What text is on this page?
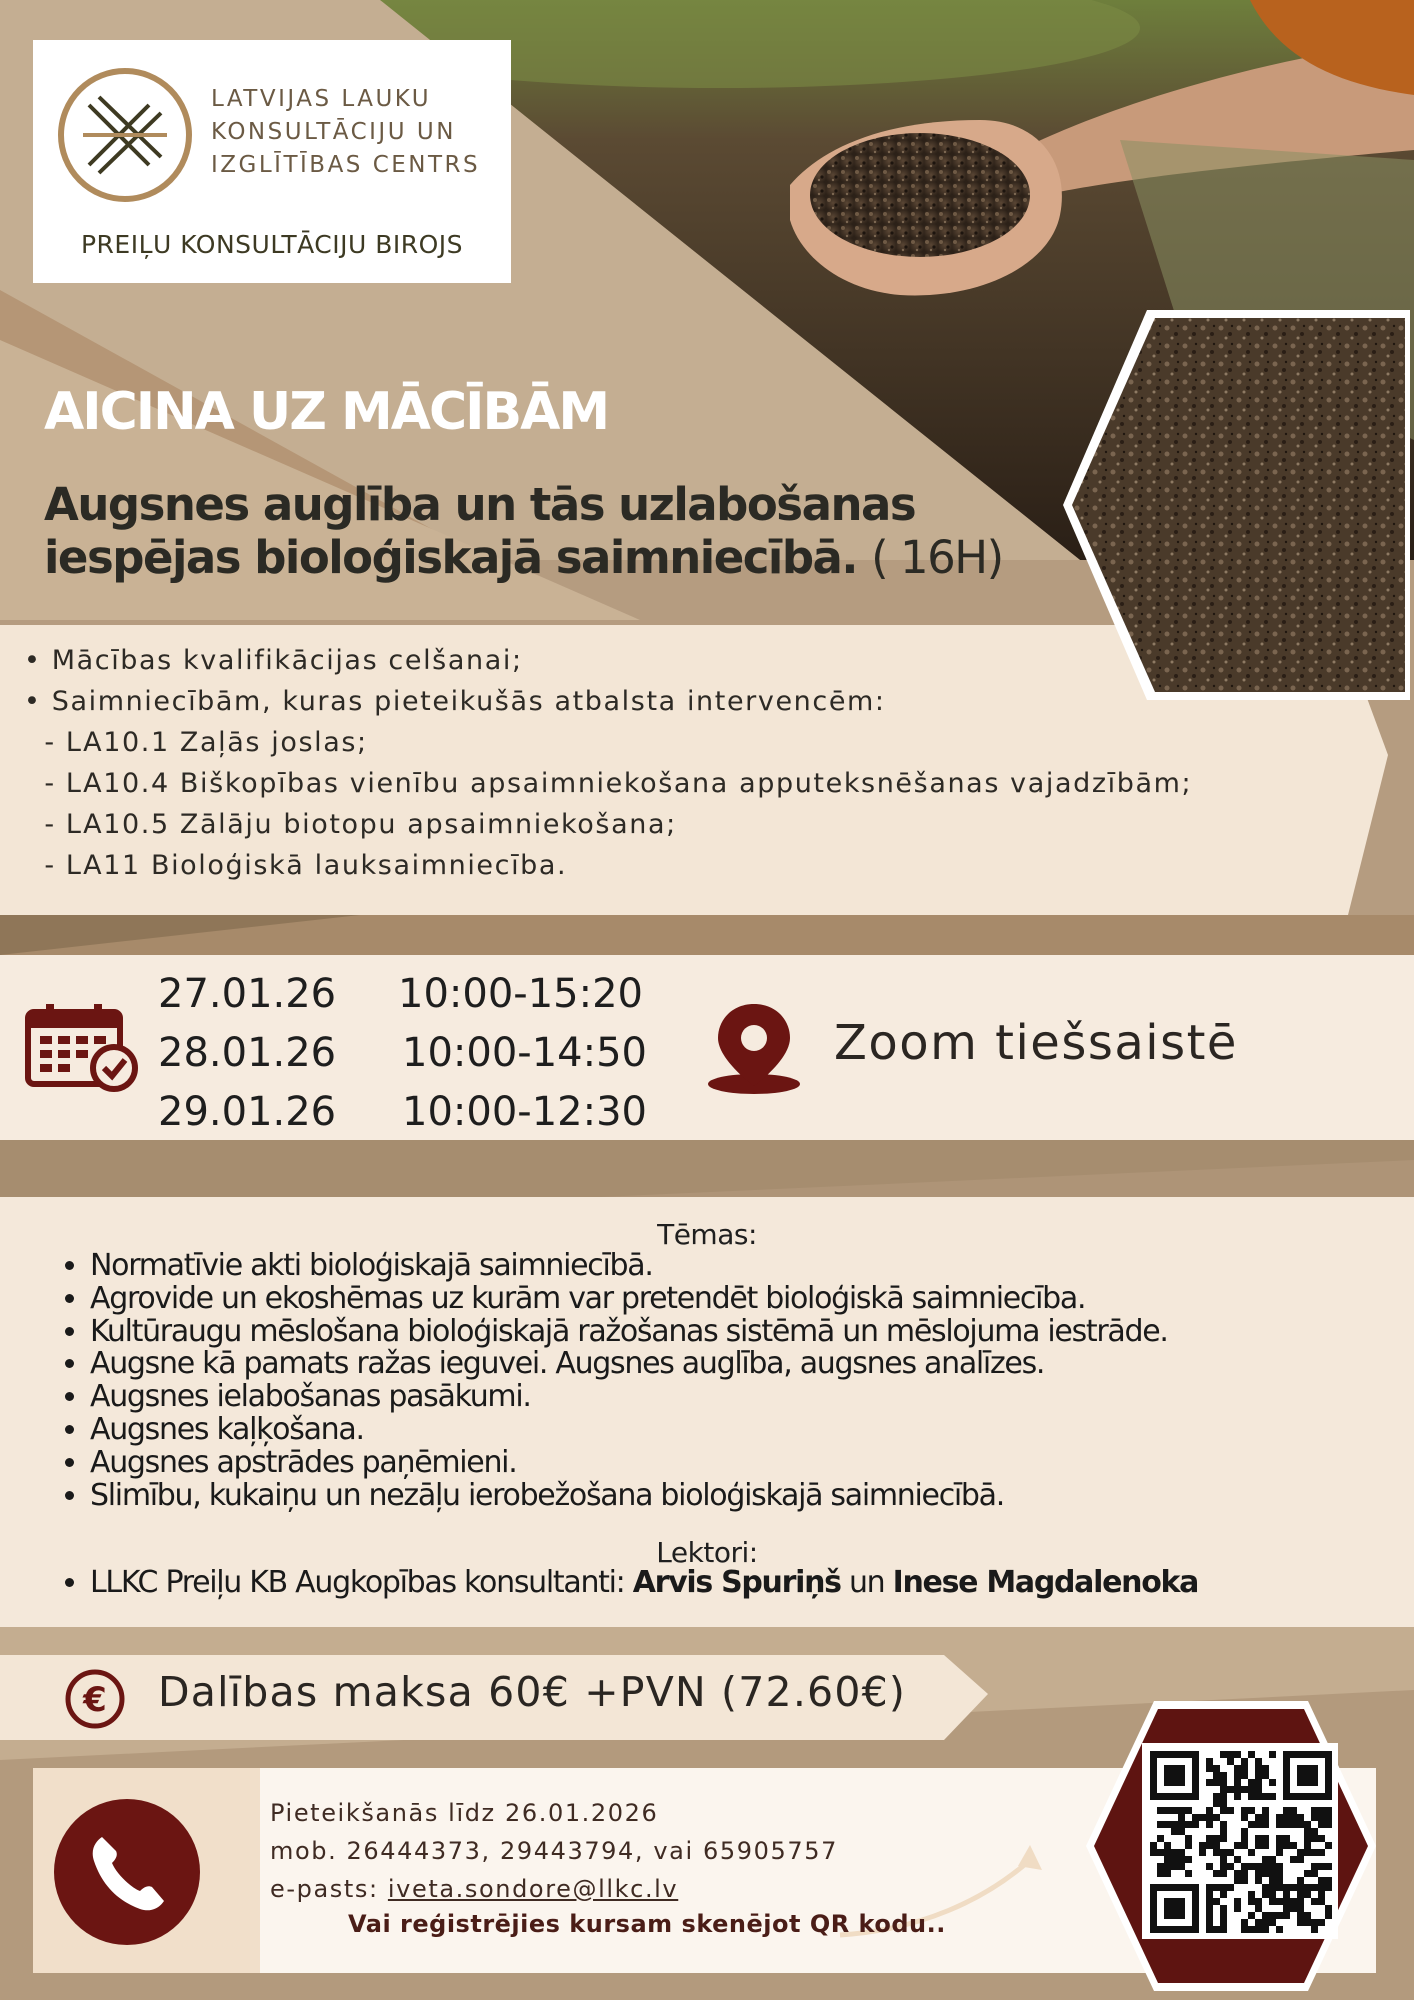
LATVIJAS LAUKU
KONSULTĀCIJU UN
IZGLĪTĪBAS CENTRS
PREIĻU KONSULTĀCIJU BIROJS
AICINA UZ MĀCĪBĀM
Augsnes auglība un tās uzlabošanas iespējas bioloģiskajā saimniecībā. ( 16H)
• Mācības kvalifikācijas celšanai;
• Saimniecībām, kuras pieteikušās atbalsta intervencēm:
- LA10.1 Zaļās joslas;
- LA10.4 Biškopības vienību apsaimniekošana apputeksnēšanas vajadzībām;
- LA10.5 Zālāju biotopu apsaimniekošana;
- LA11 Bioloģiskā lauksaimniecība.
27.01.26
28.01.26
29.01.26
10:00-15:20
10:00-14:50
10:00-12:30
Zoom tiešsaistē
Tēmas:
• Normatīvie akti bioloģiskajā saimniecībā.
• Agrovide un ekoshēmas uz kurām var pretendēt bioloģiskā saimniecība.
• Kultūraugu mēslošana bioloģiskajā ražošanas sistēmā un mēslojuma iestrāde.
• Augsne kā pamats ražas ieguvei. Augsnes auglība, augsnes analīzes.
• Augsnes ielabošanas pasākumi.
• Augsnes kaļķošana.
• Augsnes apstrādes paņēmieni.
• Slimību, kukaiņu un nezāļu ierobežošana bioloģiskajā saimniecībā.
Lektori:
• LLKC Preiļu KB Augkopības konsultanti: Arvis Spuriņš un Inese Magdalenoka
€ Dalības maksa 60€ +PVN (72.60€)
Pieteikšanās līdz 26.01.2026
mob. 26444373, 29443794, vai 65905757
e-pasts: iveta.sondore@llkc.lv
Vai reģistrējies kursam skenējot QR kodu..
